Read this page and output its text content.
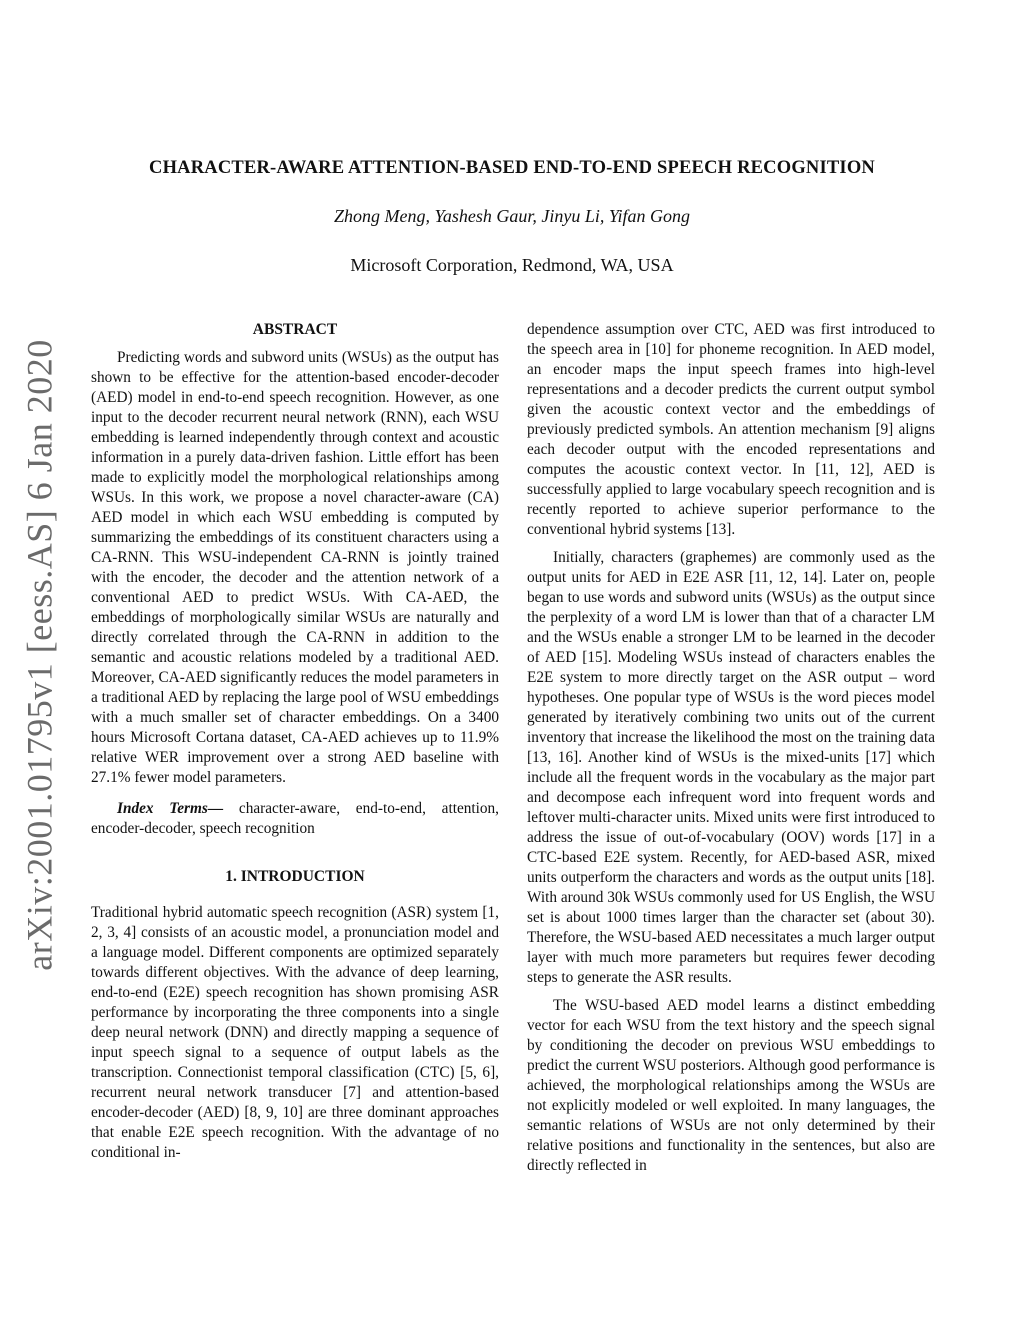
arXiv:2001.01795v1 [eess.AS] 6 Jan 2020
CHARACTER-AWARE ATTENTION-BASED END-TO-END SPEECH RECOGNITION
Zhong Meng, Yashesh Gaur, Jinyu Li, Yifan Gong
Microsoft Corporation, Redmond, WA, USA
ABSTRACT

Predicting words and subword units (WSUs) as the output has shown to be effective for the attention-based encoder-decoder (AED) model in end-to-end speech recognition. However, as one input to the decoder recurrent neural network (RNN), each WSU embedding is learned independently through context and acoustic information in a purely data-driven fashion. Little effort has been made to explicitly model the morphological relationships among WSUs. In this work, we propose a novel character-aware (CA) AED model in which each WSU embedding is computed by summarizing the embeddings of its constituent characters using a CA-RNN. This WSU-independent CA-RNN is jointly trained with the encoder, the decoder and the attention network of a conventional AED to predict WSUs. With CA-AED, the embeddings of morphologically similar WSUs are naturally and directly correlated through the CA-RNN in addition to the semantic and acoustic relations modeled by a traditional AED. Moreover, CA-AED significantly reduces the model parameters in a traditional AED by replacing the large pool of WSU embeddings with a much smaller set of character embeddings. On a 3400 hours Microsoft Cortana dataset, CA-AED achieves up to 11.9% relative WER improvement over a strong AED baseline with 27.1% fewer model parameters.

Index Terms— character-aware, end-to-end, attention, encoder-decoder, speech recognition

1. INTRODUCTION

Traditional hybrid automatic speech recognition (ASR) system [1, 2, 3, 4] consists of an acoustic model, a pronunciation model and a language model. Different components are optimized separately towards different objectives. With the advance of deep learning, end-to-end (E2E) speech recognition has shown promising ASR performance by incorporating the three components into a single deep neural network (DNN) and directly mapping a sequence of input speech signal to a sequence of output labels as the transcription. Connectionist temporal classification (CTC) [5, 6], recurrent neural network transducer [7] and attention-based encoder-decoder (AED) [8, 9, 10] are three dominant approaches that enable E2E speech recognition. With the advantage of no conditional in-

dependence assumption over CTC, AED was first introduced to the speech area in [10] for phoneme recognition. In AED model, an encoder maps the input speech frames into high-level representations and a decoder predicts the current output symbol given the acoustic context vector and the embeddings of previously predicted symbols. An attention mechanism [9] aligns each decoder output with the encoded representations and computes the acoustic context vector. In [11, 12], AED is successfully applied to large vocabulary speech recognition and is recently reported to achieve superior performance to the conventional hybrid systems [13].

Initially, characters (graphemes) are commonly used as the output units for AED in E2E ASR [11, 12, 14]. Later on, people began to use words and subword units (WSUs) as the output since the perplexity of a word LM is lower than that of a character LM and the WSUs enable a stronger LM to be learned in the decoder of AED [15]. Modeling WSUs instead of characters enables the E2E system to more directly target on the ASR output – word hypotheses. One popular type of WSUs is the word pieces model generated by iteratively combining two units out of the current inventory that increase the likelihood the most on the training data [13, 16]. Another kind of WSUs is the mixed-units [17] which include all the frequent words in the vocabulary as the major part and decompose each infrequent word into frequent words and leftover multi-character units. Mixed units were first introduced to address the issue of out-of-vocabulary (OOV) words [17] in a CTC-based E2E system. Recently, for AED-based ASR, mixed units outperform the characters and words as the output units [18]. With around 30k WSUs commonly used for US English, the WSU set is about 1000 times larger than the character set (about 30). Therefore, the WSU-based AED necessitates a much larger output layer with much more parameters but requires fewer decoding steps to generate the ASR results.

The WSU-based AED model learns a distinct embedding vector for each WSU from the text history and the speech signal by conditioning the decoder on previous WSU embeddings to predict the current WSU posteriors. Although good performance is achieved, the morphological relationships among the WSUs are not explicitly modeled or well exploited. In many languages, the semantic relations of WSUs are not only determined by their relative positions and functionality in the sentences, but also are directly reflected in
